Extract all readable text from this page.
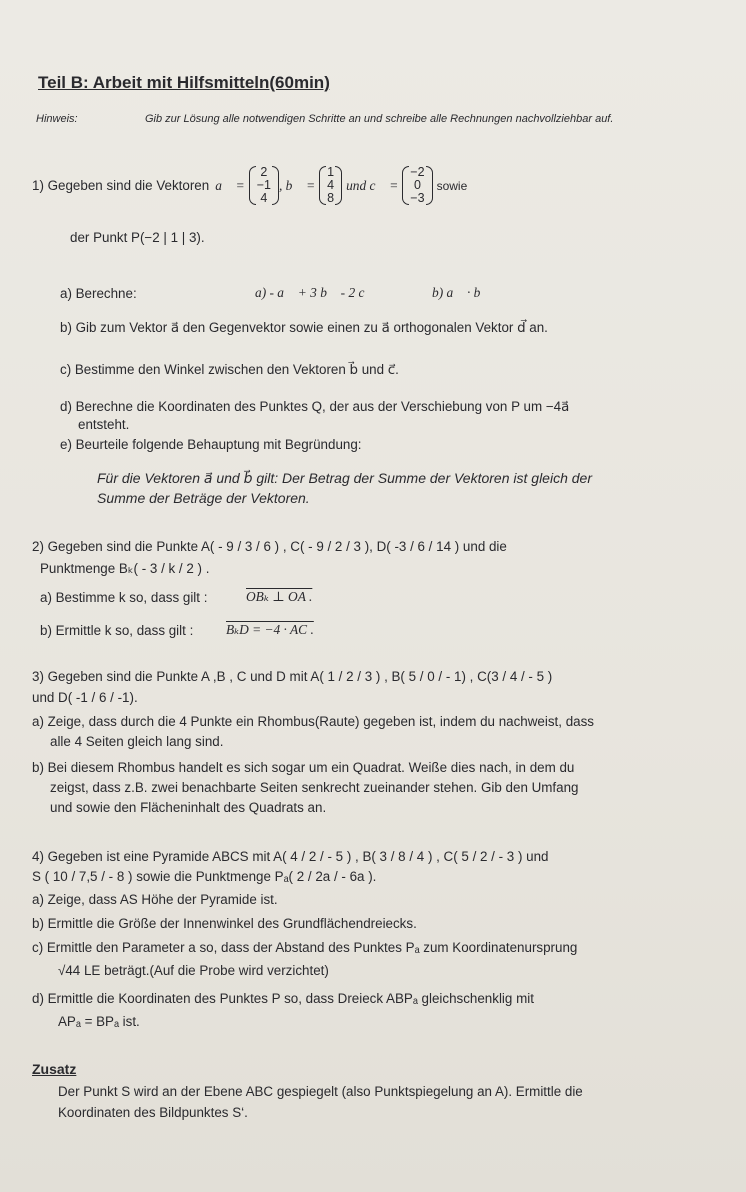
Teil B: Arbeit mit Hilfsmitteln(60min)
Hinweis:	Gib zur Lösung alle notwendigen Schritte an und schreibe alle Rechnungen nachvollziehbar auf.
1) Gegeben sind die Vektoren a⃗ =
2
−1
4
, b⃗ =
1
4
8
und c⃗ =
−2
0
−3
sowie
der Punkt P(−2 | 1 | 3).
a) Berechne:	a) - a⃗ + 3 b⃗ - 2 c⃗	b) a⃗ · b⃗
b) Gib zum Vektor a⃗ den Gegenvektor sowie einen zu a⃗ orthogonalen Vektor d⃗ an.
c) Bestimme den Winkel zwischen den Vektoren b⃗ und c⃗.
d) Berechne die Koordinaten des Punktes Q, der aus der Verschiebung von P um −4a⃗
entsteht.
e) Beurteile folgende Behauptung mit Begründung:
Für die Vektoren a⃗ und b⃗ gilt: Der Betrag der Summe der Vektoren ist gleich der
Summe der Beträge der Vektoren.
2) Gegeben sind die Punkte A( - 9 / 3 / 6 ) , C( - 9 / 2 / 3 ), D( -3 / 6 / 14 ) und die
Punktmenge Bₖ( - 3 / k / 2 ) .
a) Bestimme k so, dass gilt :	OBₖ ⊥ OA .
b) Ermittle k so, dass gilt : BₖD = −4 · AC .
3) Gegeben sind die Punkte A ,B , C und D mit A( 1 / 2 / 3 ) , B( 5 / 0 / - 1) , C(3 / 4 / - 5 )
und D( -1 / 6 / -1).
a) Zeige, dass durch die 4 Punkte ein Rhombus(Raute) gegeben ist, indem du nachweist, dass
alle 4 Seiten gleich lang sind.
b) Bei diesem Rhombus handelt es sich sogar um ein Quadrat. Weiße dies nach, in dem du
zeigst, dass z.B. zwei benachbarte Seiten senkrecht zueinander stehen. Gib den Umfang
und sowie den Flächeninhalt des Quadrats an.
4) Gegeben ist eine Pyramide ABCS mit A( 4 / 2 / - 5 ) , B( 3 / 8 / 4 ) , C( 5 / 2 / - 3 ) und
S ( 10 / 7,5 / - 8 ) sowie die Punktmenge Pₐ( 2 / 2a / - 6a ).
a) Zeige, dass AS Höhe der Pyramide ist.
b) Ermittle die Größe der Innenwinkel des Grundflächendreiecks.
c) Ermittle den Parameter a so, dass der Abstand des Punktes Pₐ zum Koordinatenursprung
√44 LE beträgt.(Auf die Probe wird verzichtet)
d) Ermittle die Koordinaten des Punktes P so, dass Dreieck ABPₐ gleichschenklig mit
APₐ = BPₐ ist.
Zusatz
Der Punkt S wird an der Ebene ABC gespiegelt (also Punktspiegelung an A). Ermittle die
Koordinaten des Bildpunktes S‘.
